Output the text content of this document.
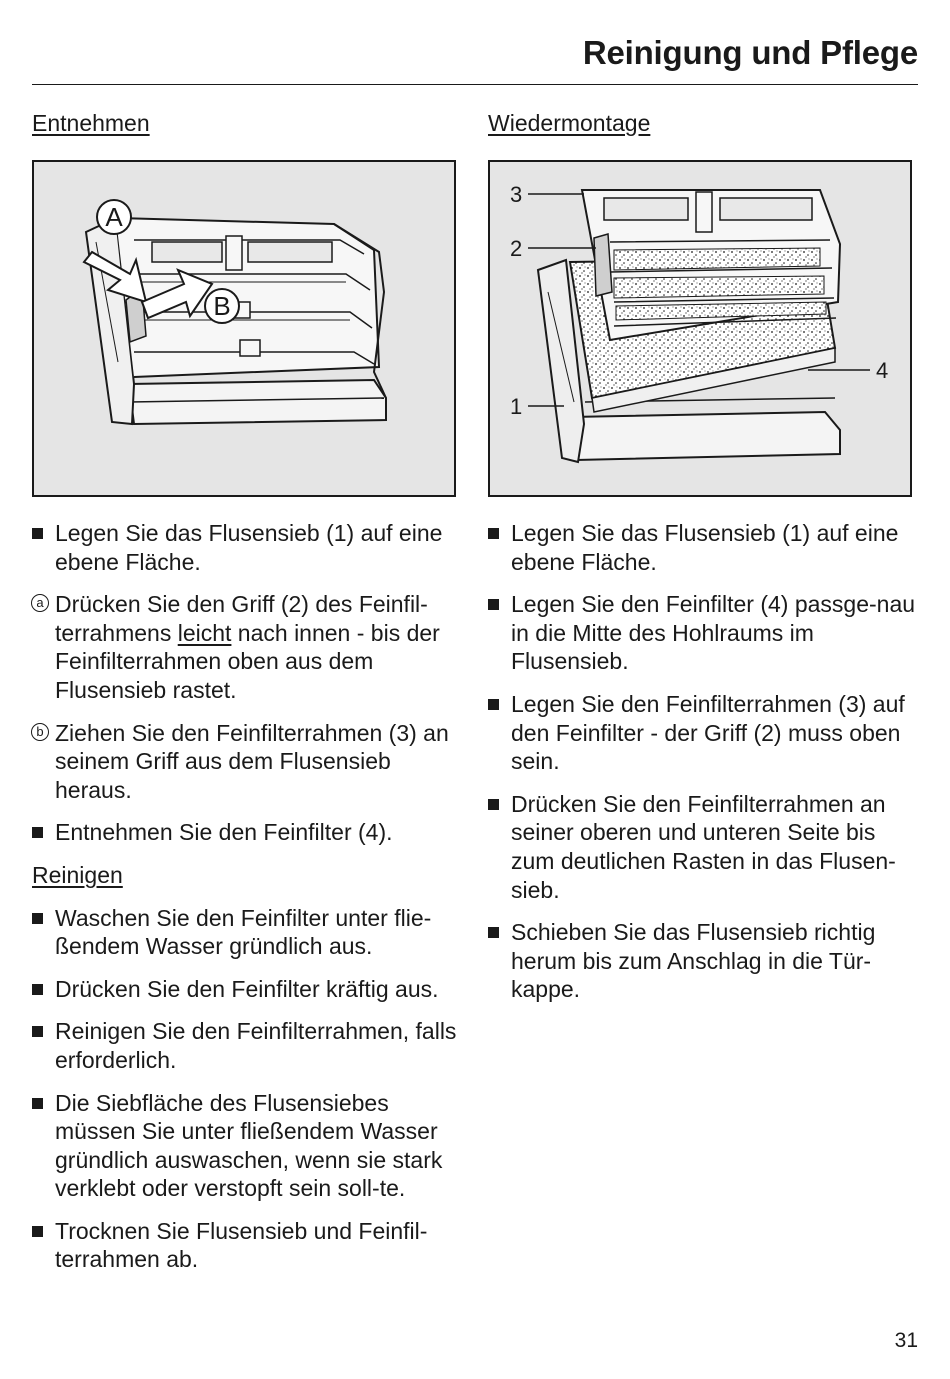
Reinigung und Pflege
Entnehmen
A
B
Legen Sie das Flusensieb (1) auf eine ebene Fläche.
a Drücken Sie den Griff (2) des Feinfil-terrahmens leicht nach innen - bis der Feinfilterrahmen oben aus dem Flusensieb rastet.
b Ziehen Sie den Feinfilterrahmen (3) an seinem Griff aus dem Flusensieb heraus.
Entnehmen Sie den Feinfilter (4).
Reinigen
Waschen Sie den Feinfilter unter flie-ßendem Wasser gründlich aus.
Drücken Sie den Feinfilter kräftig aus.
Reinigen Sie den Feinfilterrahmen, falls erforderlich.
Die Siebfläche des Flusensiebes müssen Sie unter fließendem Wasser gründlich auswaschen, wenn sie stark verklebt oder verstopft sein soll-te.
Trocknen Sie Flusensieb und Feinfil-terrahmen ab.
Wiedermontage
3
2
1
4
Legen Sie das Flusensieb (1) auf eine ebene Fläche.
Legen Sie den Feinfilter (4) passge-nau in die Mitte des Hohlraums im Flusensieb.
Legen Sie den Feinfilterrahmen (3) auf den Feinfilter - der Griff (2) muss oben sein.
Drücken Sie den Feinfilterrahmen an seiner oberen und unteren Seite bis zum deutlichen Rasten in das Flusen-sieb.
Schieben Sie das Flusensieb richtig herum bis zum Anschlag in die Tür-kappe.
31
